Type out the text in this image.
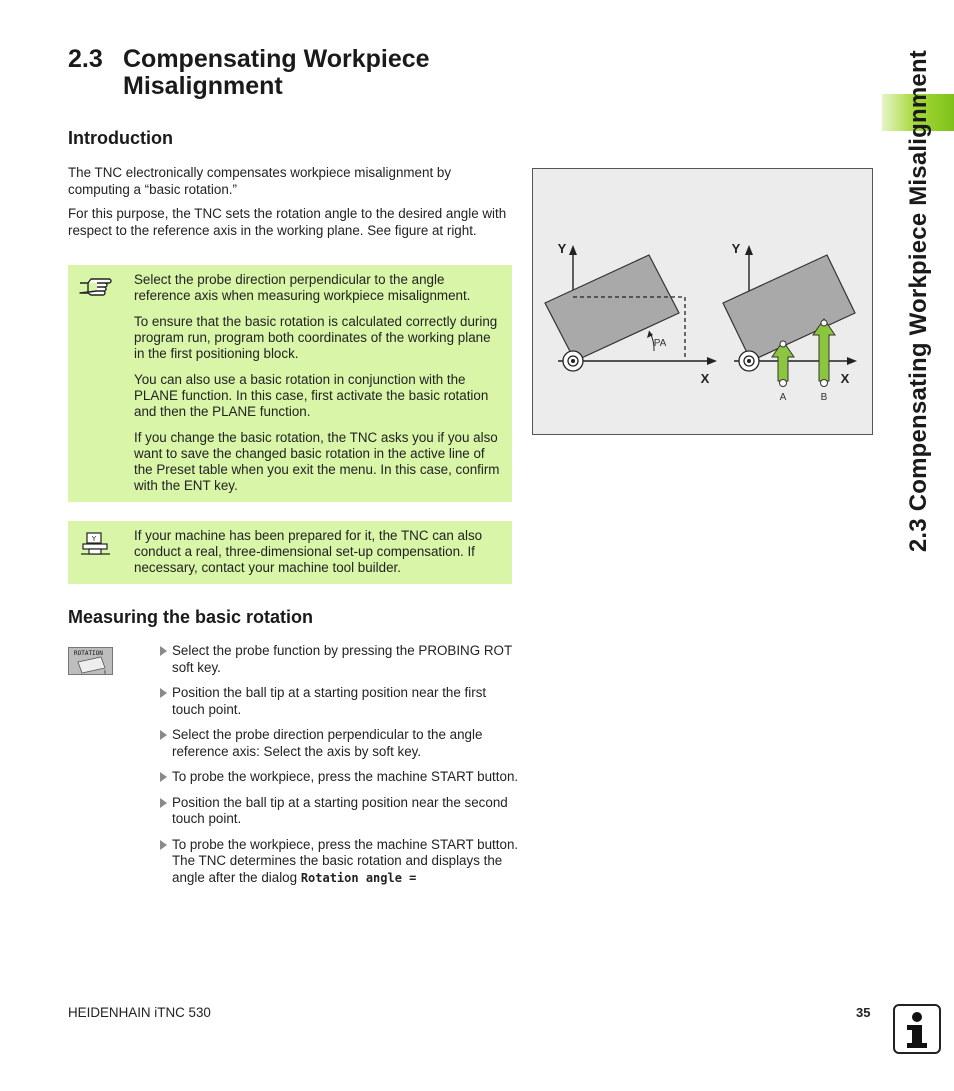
2.3 Compensating Workpiece
Misalignment
Introduction

The TNC electronically compensates workpiece misalignment by computing a “basic rotation.”

For this purpose, the TNC sets the rotation angle to the desired angle with respect to the reference axis in the working plane. See figure at right.

Select the probe direction perpendicular to the angle reference axis when measuring workpiece misalignment.

To ensure that the basic rotation is calculated correctly during program run, program both coordinates of the working plane in the first positioning block.

You can also use a basic rotation in conjunction with the PLANE function. In this case, first activate the basic rotation and then the PLANE function.

If you change the basic rotation, the TNC asks you if you also want to save the changed basic rotation in the active line of the Preset table when you exit the menu. In this case, confirm with the ENT key.

Y	If your machine has been prepared for it, the TNC can also conduct a real, three-dimensional set-up compensation. If necessary, contact your machine tool builder.

Y
X
PA
Y
X
A	B
Measuring the basic rotation
ROTATION	Select the probe function by pressing the PROBING ROT soft key.
Position the ball tip at a starting position near the first touch point.
Select the probe direction perpendicular to the angle reference axis: Select the axis by soft key.
To probe the workpiece, press the machine START button.
Position the ball tip at a starting position near the second touch point.
To probe the workpiece, press the machine START button. The TNC determines the basic rotation and displays the angle after the dialog Rotation angle =
2.3 Compensating Workpiece Misalignment
HEIDENHAIN iTNC 530	35
